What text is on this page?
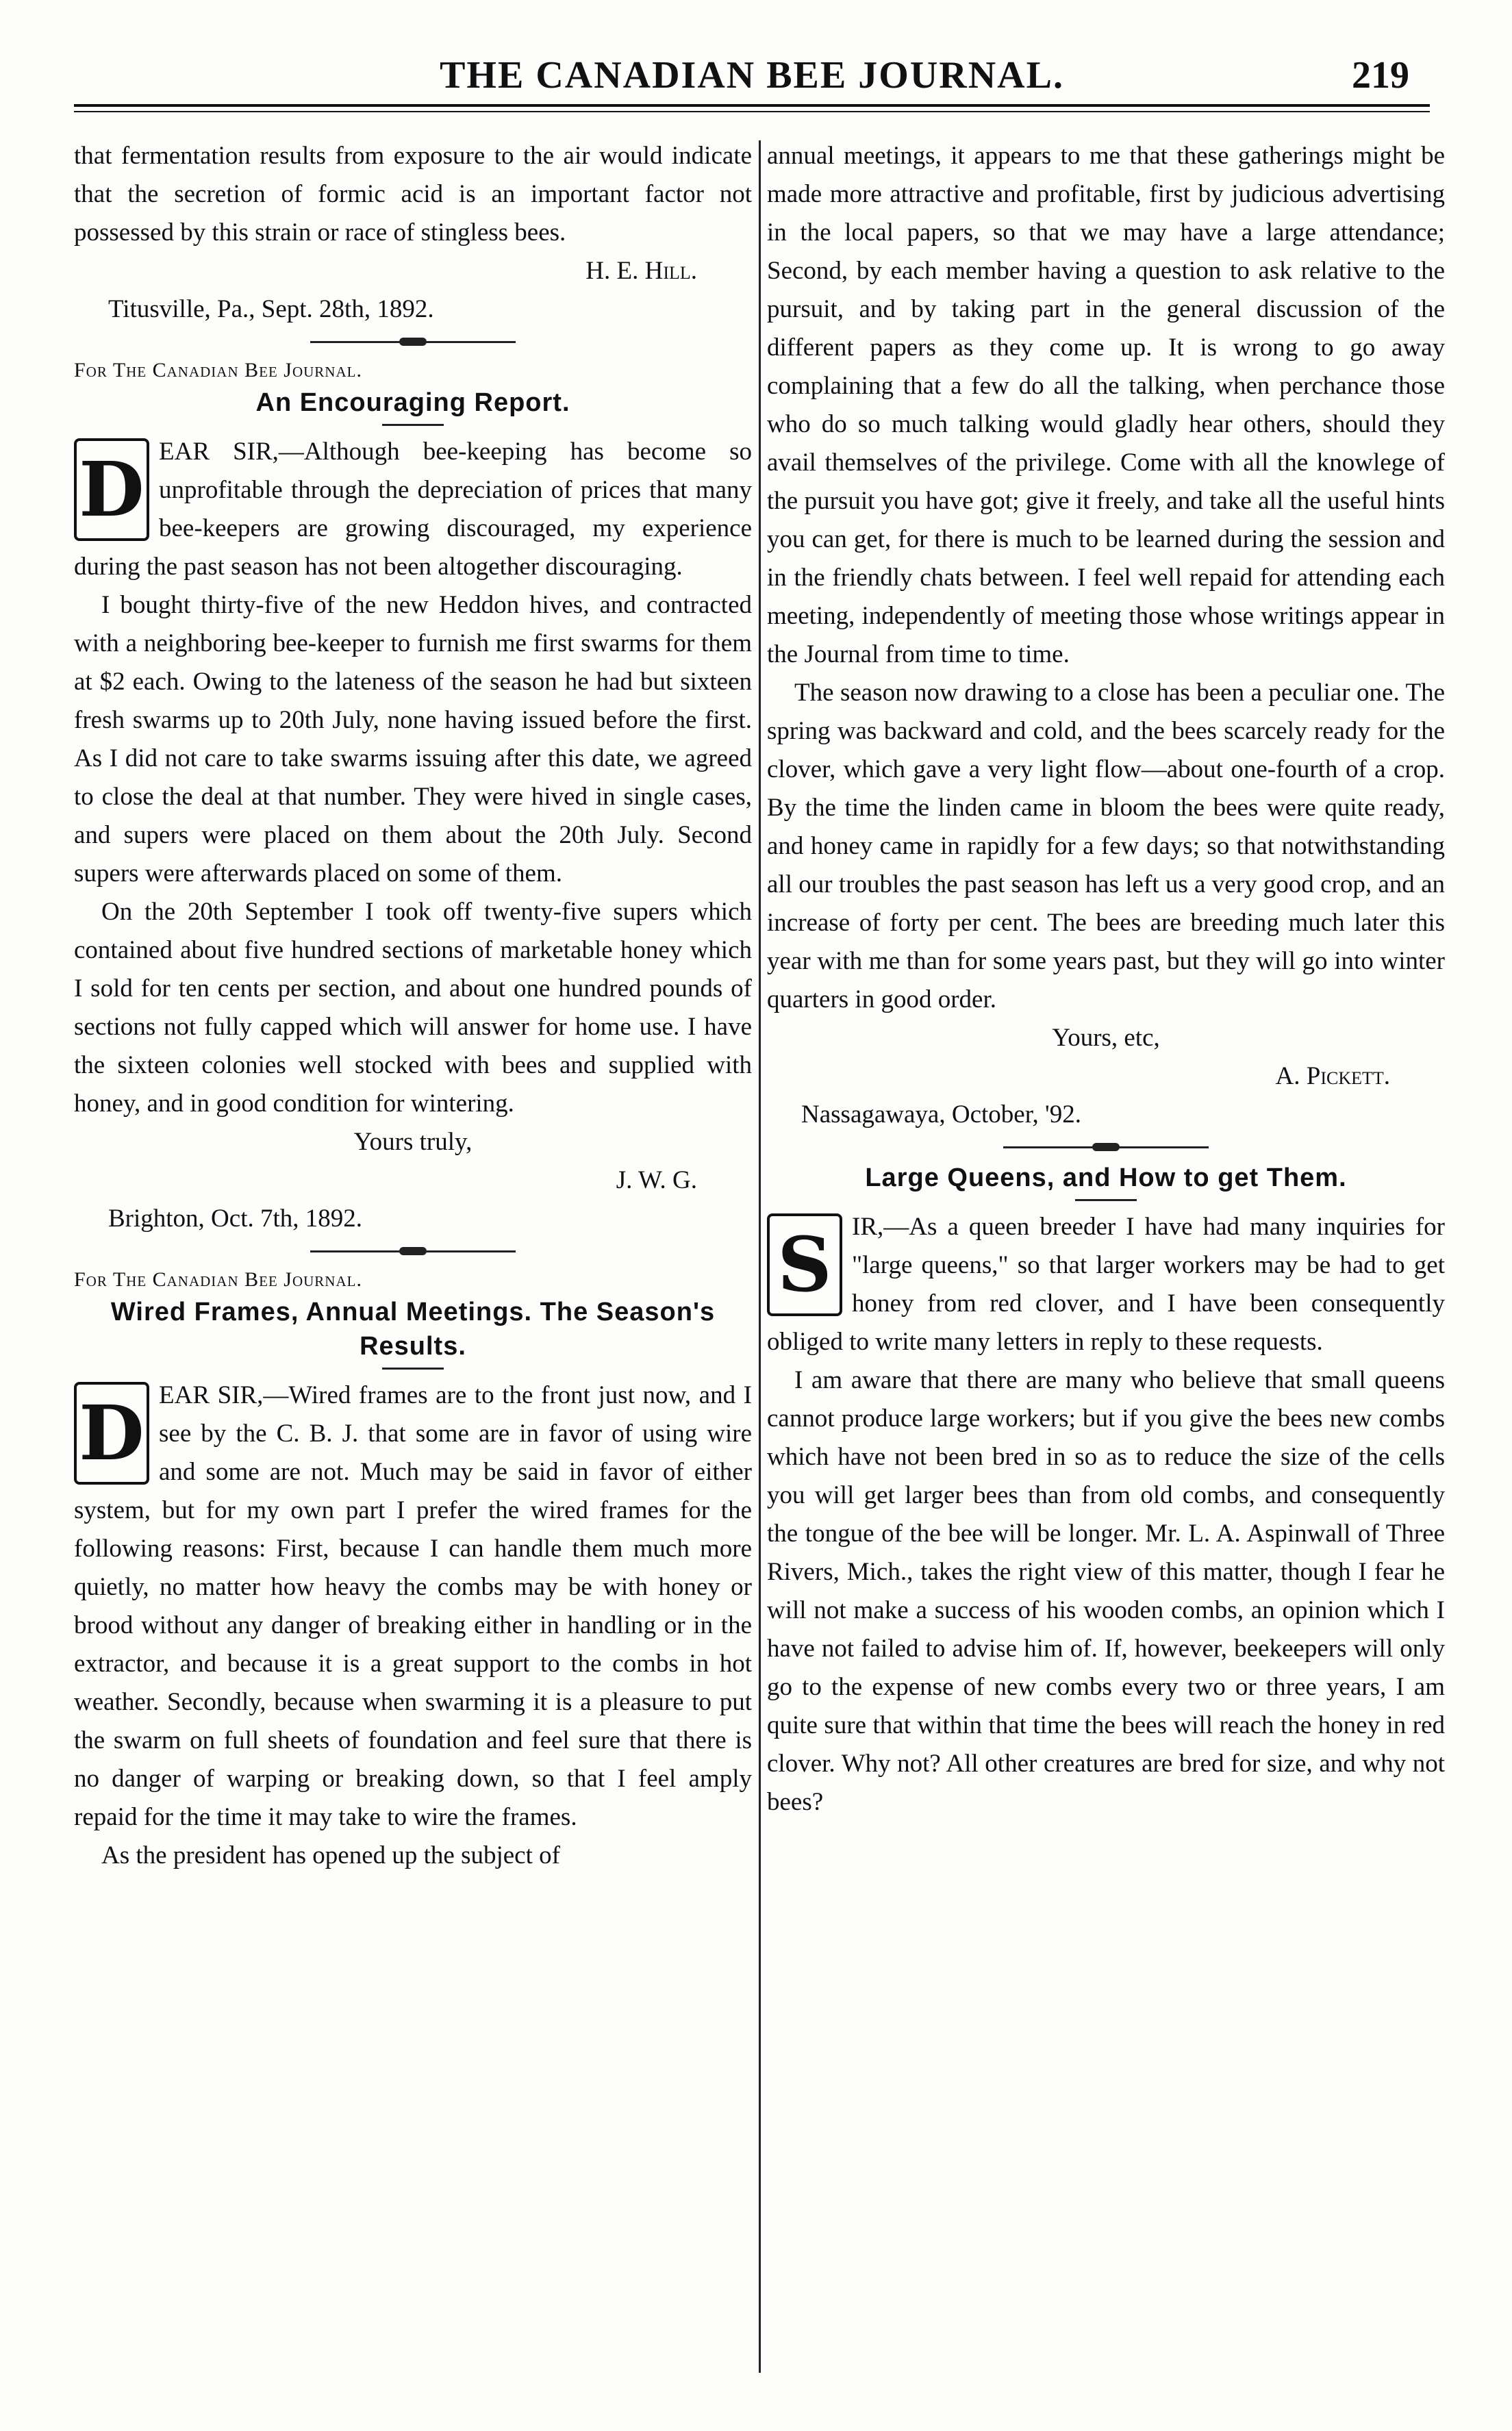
THE CANADIAN BEE JOURNAL.	219

that fermentation results from exposure to the air would indicate that the secretion of formic acid is an important factor not possessed by this strain or race of stingless bees.

H. E. Hill.

Titusville, Pa., Sept. 28th, 1892.

For The Canadian Bee Journal.

An Encouraging Report.

D EAR SIR,—Although bee-keeping has become so unprofitable through the depreciation of prices that many bee-keepers are growing discouraged, my experience during the past season has not been altogether discouraging.

I bought thirty-five of the new Heddon hives, and contracted with a neighboring bee-keeper to furnish me first swarms for them at $2 each. Owing to the lateness of the season he had but sixteen fresh swarms up to 20th July, none having issued before the first. As I did not care to take swarms issuing after this date, we agreed to close the deal at that number. They were hived in single cases, and supers were placed on them about the 20th July. Second supers were afterwards placed on some of them.

On the 20th September I took off twenty-five supers which contained about five hundred sections of marketable honey which I sold for ten cents per section, and about one hundred pounds of sections not fully capped which will answer for home use. I have the sixteen colonies well stocked with bees and supplied with honey, and in good condition for wintering.

Yours truly,

J. W. G.

Brighton, Oct. 7th, 1892.

For The Canadian Bee Journal.

Wired Frames, Annual Meetings. The Season's Results.

D EAR SIR,—Wired frames are to the front just now, and I see by the C. B. J. that some are in favor of using wire and some are not. Much may be said in favor of either system, but for my own part I prefer the wired frames for the following reasons: First, because I can handle them much more quietly, no matter how heavy the combs may be with honey or brood without any danger of breaking either in handling or in the extractor, and because it is a great support to the combs in hot weather. Secondly, because when swarming it is a pleasure to put the swarm on full sheets of foundation and feel sure that there is no danger of warping or breaking down, so that I feel amply repaid for the time it may take to wire the frames.

As the president has opened up the subject of

annual meetings, it appears to me that these gatherings might be made more attractive and profitable, first by judicious advertising in the local papers, so that we may have a large attendance; Second, by each member having a question to ask relative to the pursuit, and by taking part in the general discussion of the different papers as they come up. It is wrong to go away complaining that a few do all the talking, when perchance those who do so much talking would gladly hear others, should they avail themselves of the privilege. Come with all the knowlege of the pursuit you have got; give it freely, and take all the useful hints you can get, for there is much to be learned during the session and in the friendly chats between. I feel well repaid for attending each meeting, independently of meeting those whose writings appear in the Journal from time to time.

The season now drawing to a close has been a peculiar one. The spring was backward and cold, and the bees scarcely ready for the clover, which gave a very light flow—about one-fourth of a crop. By the time the linden came in bloom the bees were quite ready, and honey came in rapidly for a few days; so that notwithstanding all our troubles the past season has left us a very good crop, and an increase of forty per cent. The bees are breeding much later this year with me than for some years past, but they will go into winter quarters in good order.

Yours, etc,

A. Pickett.

Nassagawaya, October, '92.

Large Queens, and How to get Them.

S IR,—As a queen breeder I have had many inquiries for "large queens," so that larger workers may be had to get honey from red clover, and I have been consequently obliged to write many letters in reply to these requests.

I am aware that there are many who believe that small queens cannot produce large workers; but if you give the bees new combs which have not been bred in so as to reduce the size of the cells you will get larger bees than from old combs, and consequently the tongue of the bee will be longer. Mr. L. A. Aspinwall of Three Rivers, Mich., takes the right view of this matter, though I fear he will not make a success of his wooden combs, an opinion which I have not failed to advise him of. If, however, beekeepers will only go to the expense of new combs every two or three years, I am quite sure that within that time the bees will reach the honey in red clover. Why not? All other creatures are bred for size, and why not bees?
